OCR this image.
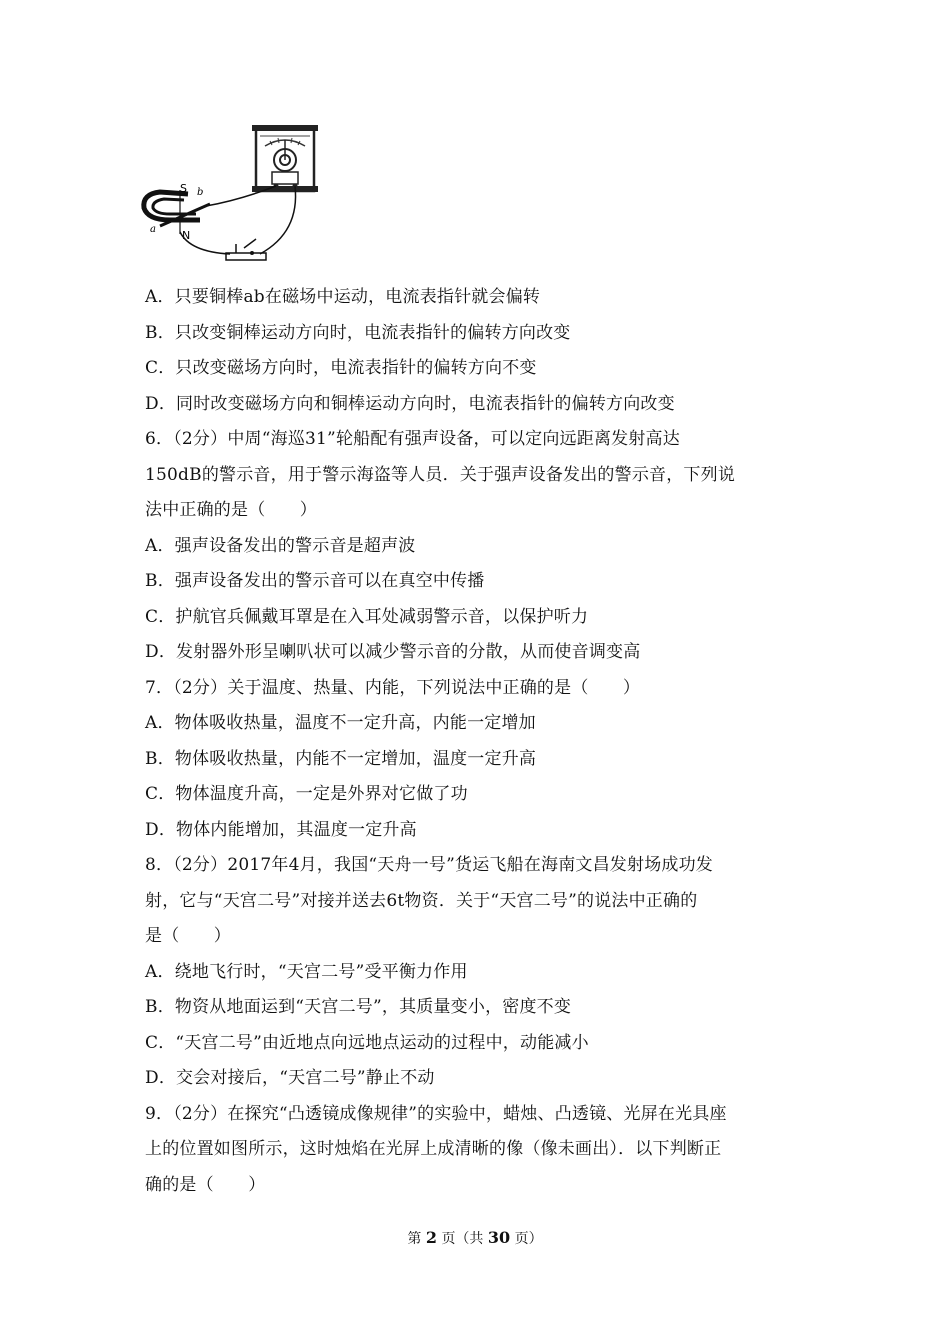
S b
N
a
A．只要铜棒ab在磁场中运动，电流表指针就会偏转
B．只改变铜棒运动方向时，电流表指针的偏转方向改变
C．只改变磁场方向时，电流表指针的偏转方向不变
D．同时改变磁场方向和铜棒运动方向时，电流表指针的偏转方向改变
6．（2分）中周“海巡31”轮船配有强声设备，可以定向远距离发射高达
150dB的警示音，用于警示海盗等人员．关于强声设备发出的警示音，下列说
法中正确的是（　　）
A．强声设备发出的警示音是超声波
B．强声设备发出的警示音可以在真空中传播
C．护航官兵佩戴耳罩是在入耳处减弱警示音，以保护听力
D．发射器外形呈喇叭状可以减少警示音的分散，从而使音调变高
7．（2分）关于温度、热量、内能，下列说法中正确的是（　　）
A．物体吸收热量，温度不一定升高，内能一定增加
B．物体吸收热量，内能不一定增加，温度一定升高
C．物体温度升高，一定是外界对它做了功
D．物体内能增加，其温度一定升高
8．（2分）2017年4月，我国“天舟一号”货运飞船在海南文昌发射场成功发
射，它与“天宫二号”对接并送去6t物资．关于“天宫二号”的说法中正确的
是（　　）
A．绕地飞行时，“天宫二号”受平衡力作用
B．物资从地面运到“天宫二号”，其质量变小，密度不变
C．“天宫二号”由近地点向远地点运动的过程中，动能减小
D．交会对接后，“天宫二号”静止不动
9．（2分）在探究“凸透镜成像规律”的实验中，蜡烛、凸透镜、光屏在光具座
上的位置如图所示，这时烛焰在光屏上成清晰的像（像未画出）．以下判断正
确的是（　　）
第 2 页（共 30 页）
